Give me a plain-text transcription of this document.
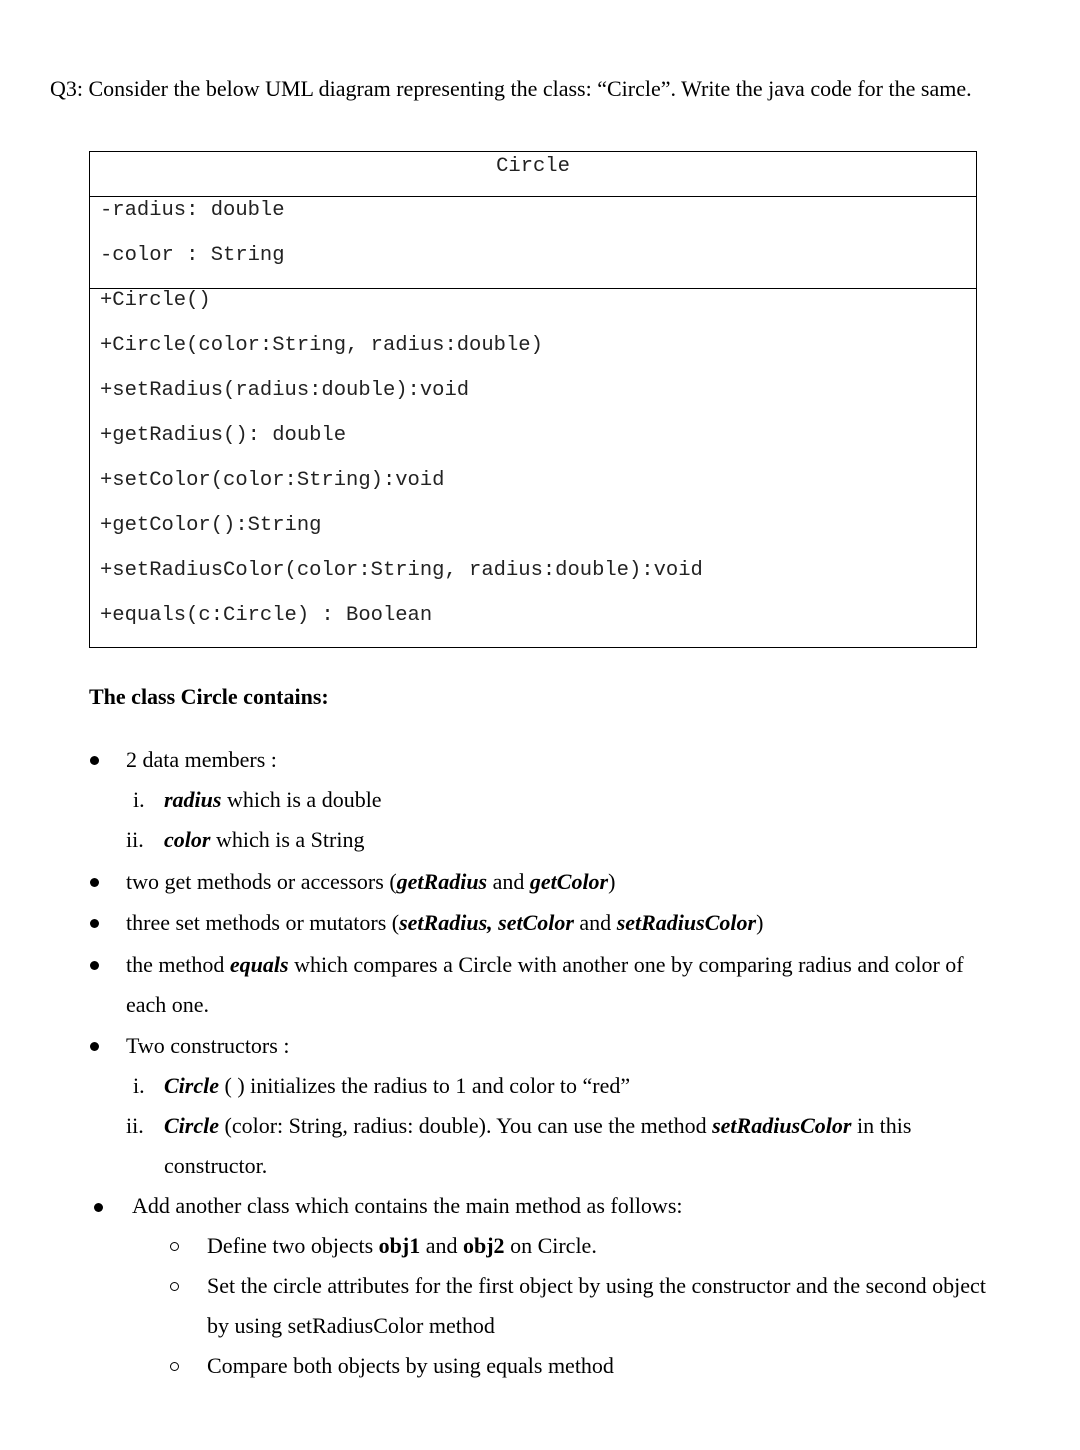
Q3: Consider the below UML diagram representing the class: “Circle”. Write the java code for the same.
Circle
-radius: double
-color : String
+Circle()
+Circle(color:String, radius:double)
+setRadius(radius:double):void
+getRadius(): double
+setColor(color:String):void
+getColor():String
+setRadiusColor(color:String, radius:double):void
+equals(c:Circle) : Boolean
The class Circle contains:
2 data members :
i. radius which is a double
ii. color which is a String
two get methods or accessors (getRadius and getColor)
three set methods or mutators (setRadius, setColor and setRadiusColor)
the method equals which compares a Circle with another one by comparing radius and color of
each one.
Two constructors :
i. Circle ( ) initializes the radius to 1 and color to “red”
ii. Circle (color: String, radius: double). You can use the method setRadiusColor in this
constructor.
Add another class which contains the main method as follows:
Define two objects obj1 and obj2 on Circle.
Set the circle attributes for the first object by using the constructor and the second object
by using setRadiusColor method
Compare both objects by using equals method
